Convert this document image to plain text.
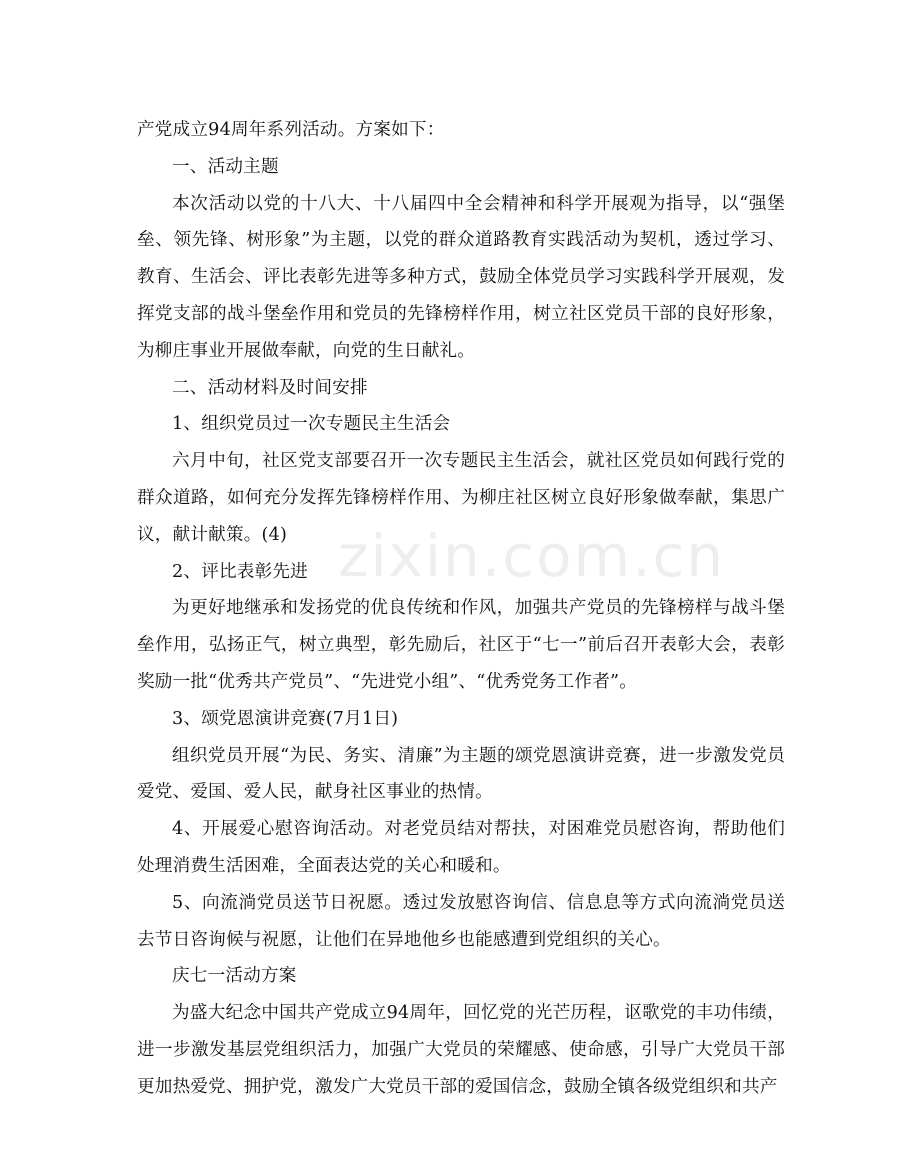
产党成立94周年系列活动。方案如下：

一、活动主题

本次活动以党的十八大、十八届四中全会精神和科学开展观为指导，以“强堡垒、领先锋、树形象”为主题，以党的群众道路教育实践活动为契机，透过学习、教育、生活会、评比表彰先进等多种方式，鼓励全体党员学习实践科学开展观，发挥党支部的战斗堡垒作用和党员的先锋榜样作用，树立社区党员干部的良好形象，为柳庄事业开展做奉献，向党的生日献礼。

二、活动材料及时间安排

1、组织党员过一次专题民主生活会

六月中旬，社区党支部要召开一次专题民主生活会，就社区党员如何践行党的群众道路，如何充分发挥先锋榜样作用、为柳庄社区树立良好形象做奉献，集思广议，献计献策。(4)

2、评比表彰先进

为更好地继承和发扬党的优良传统和作风，加强共产党员的先锋榜样与战斗堡垒作用，弘扬正气，树立典型，彰先励后，社区于“七一”前后召开表彰大会，表彰奖励一批“优秀共产党员”、“先进党小组”、“优秀党务工作者”。

3、颂党恩演讲竞赛(7月1日)

组织党员开展“为民、务实、清廉”为主题的颂党恩演讲竞赛，进一步激发党员爱党、爱国、爱人民，献身社区事业的热情。

4、开展爱心慰咨询活动。对老党员结对帮扶，对困难党员慰咨询，帮助他们处理消费生活困难，全面表达党的关心和暖和。

5、向流淌党员送节日祝愿。透过发放慰咨询信、信息息等方式向流淌党员送去节日咨询候与祝愿，让他们在异地他乡也能感遭到党组织的关心。

庆七一活动方案

为盛大纪念中国共产党成立94周年，回忆党的光芒历程，讴歌党的丰功伟绩，进一步激发基层党组织活力，加强广大党员的荣耀感、使命感，引导广大党员干部更加热爱党、拥护党，激发广大党员干部的爱国信念，鼓励全镇各级党组织和共产

zixin.com.cn
